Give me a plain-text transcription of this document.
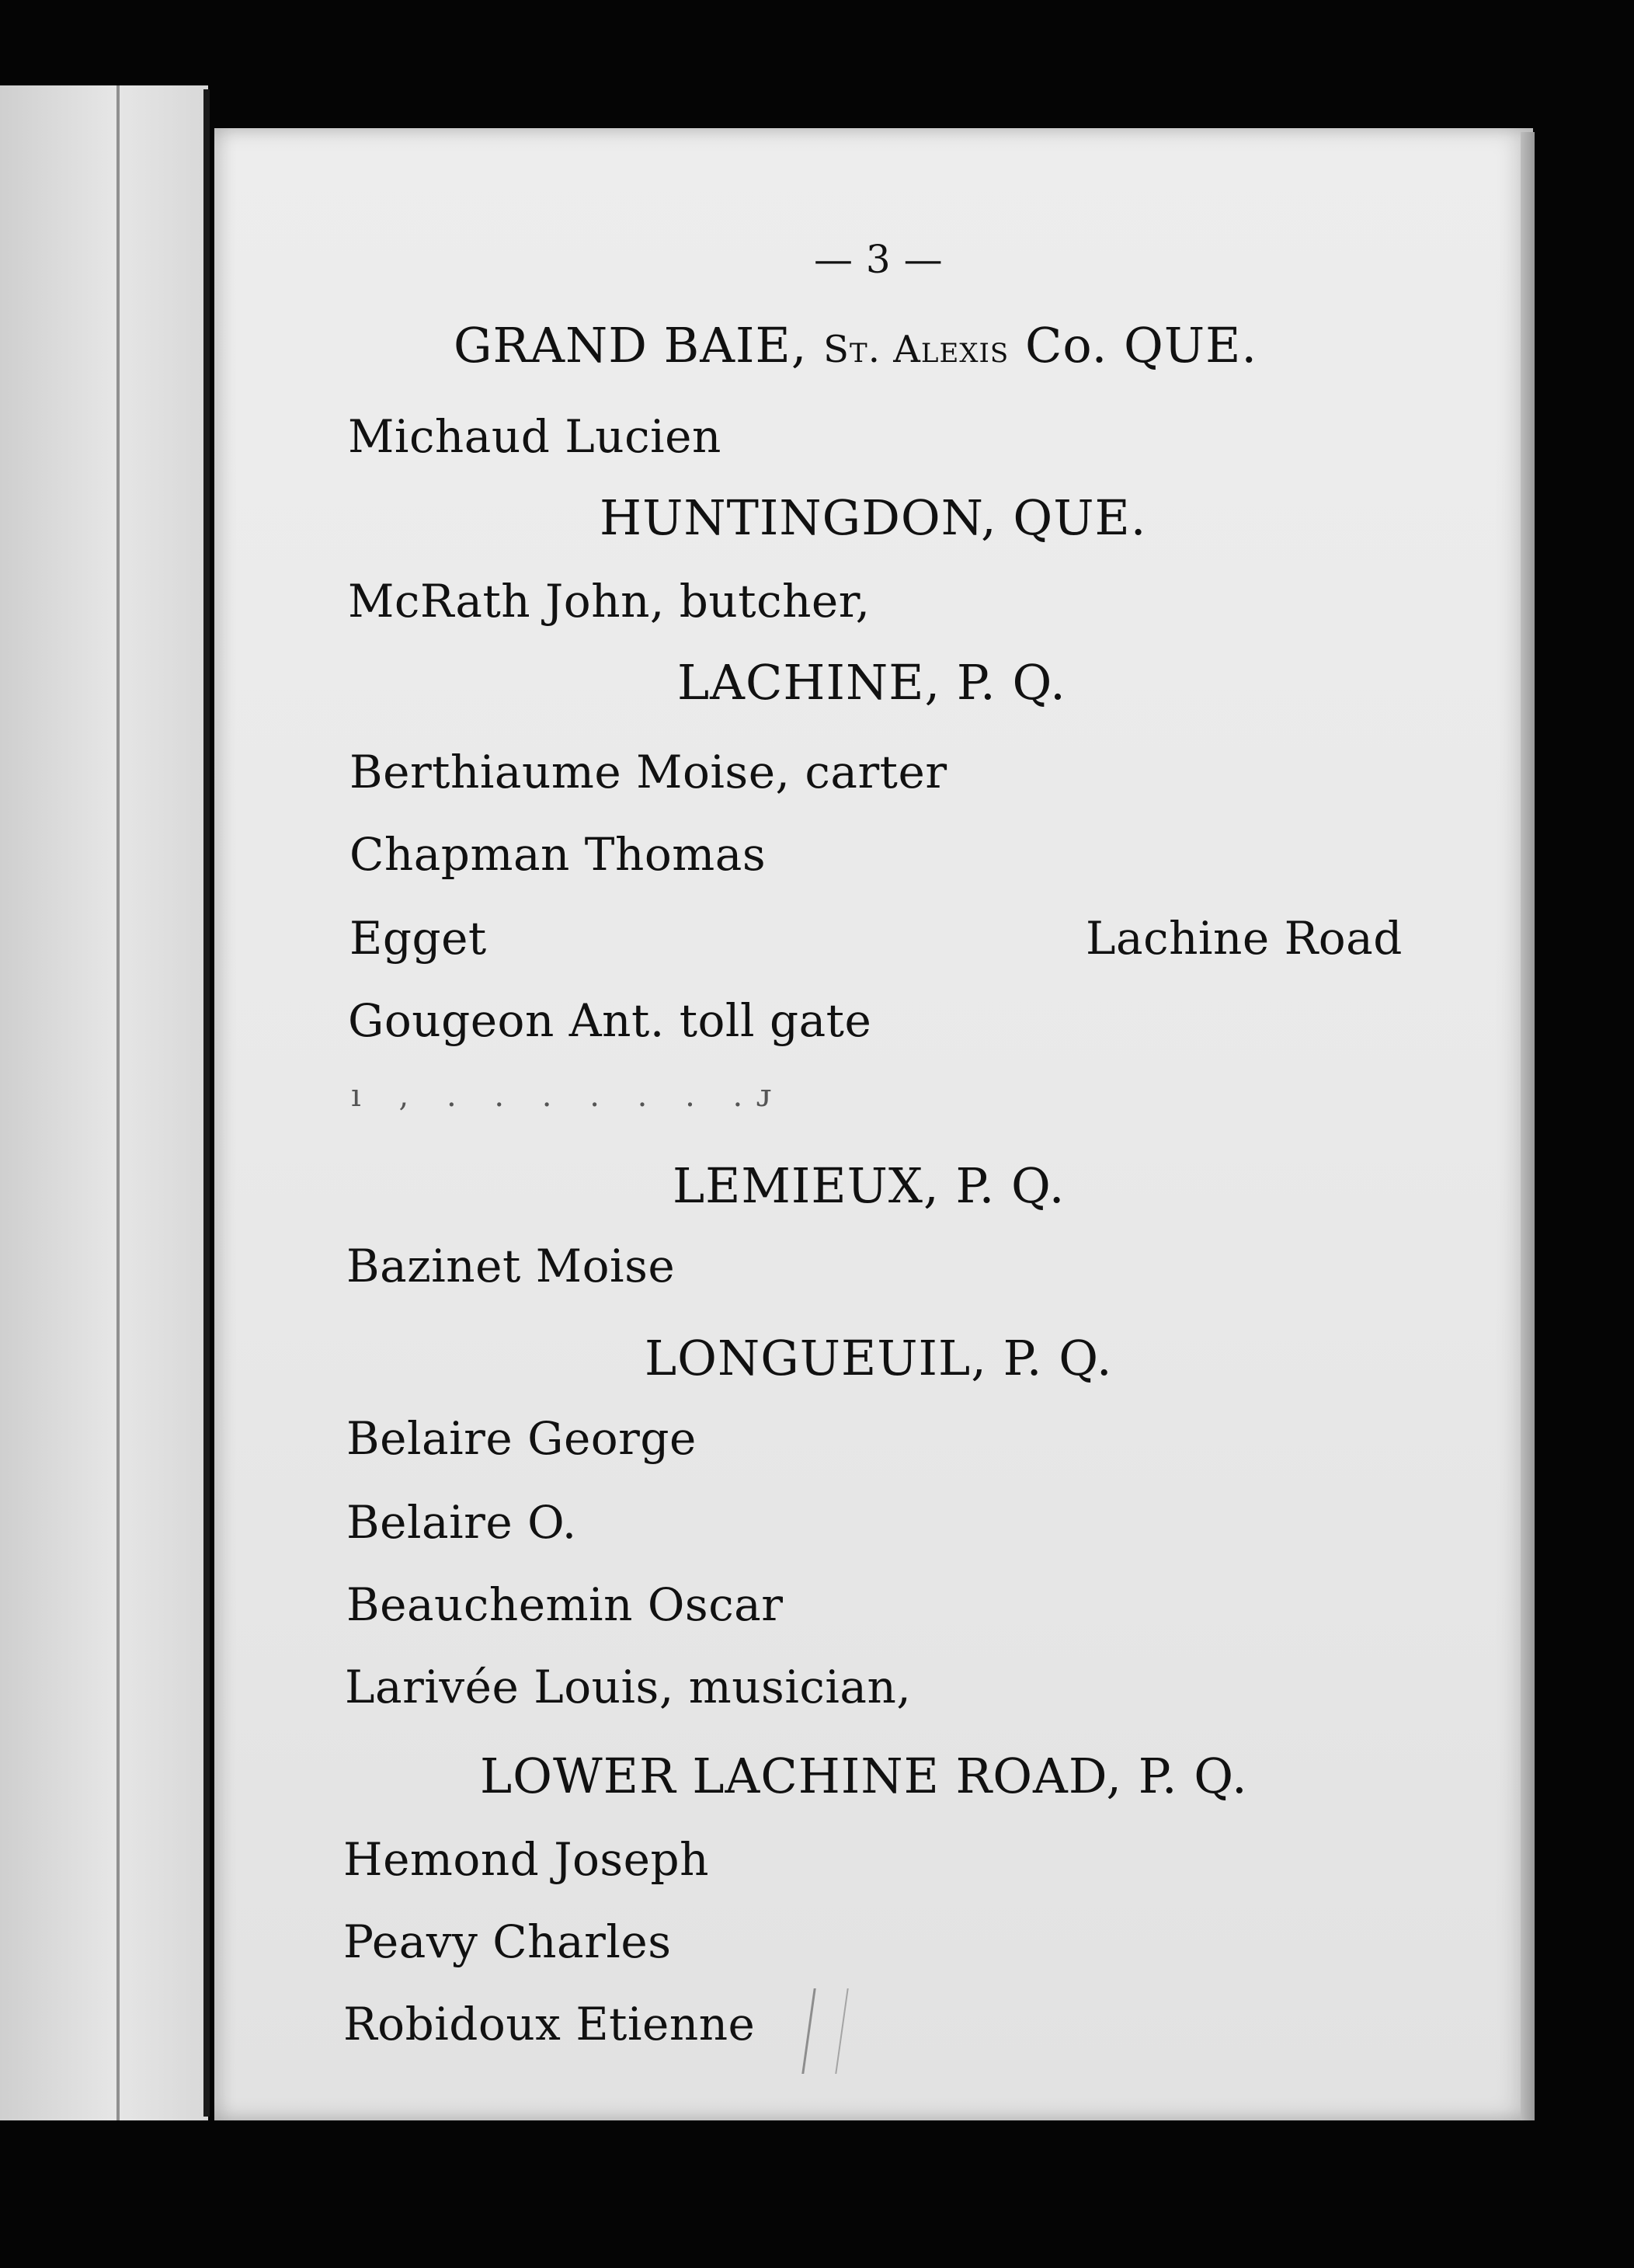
— 3 —
GRAND BAIE, St. Alexis Co. QUE.
Michaud Lucien
HUNTINGDON, QUE.
McRath John, butcher,
LACHINE, P. Q.
Berthiaume Moise, carter
Chapman Thomas
Egget	Lachine Road
Gougeon Ant. toll gate
ı , . . . . . . .ᴊ
LEMIEUX, P. Q.
Bazinet Moise
LONGUEUIL, P. Q.
Belaire George
Belaire O.
Beauchemin Oscar
Larivée Louis, musician,
LOWER LACHINE ROAD, P. Q.
Hemond Joseph
Peavy Charles
Robidoux Etienne
